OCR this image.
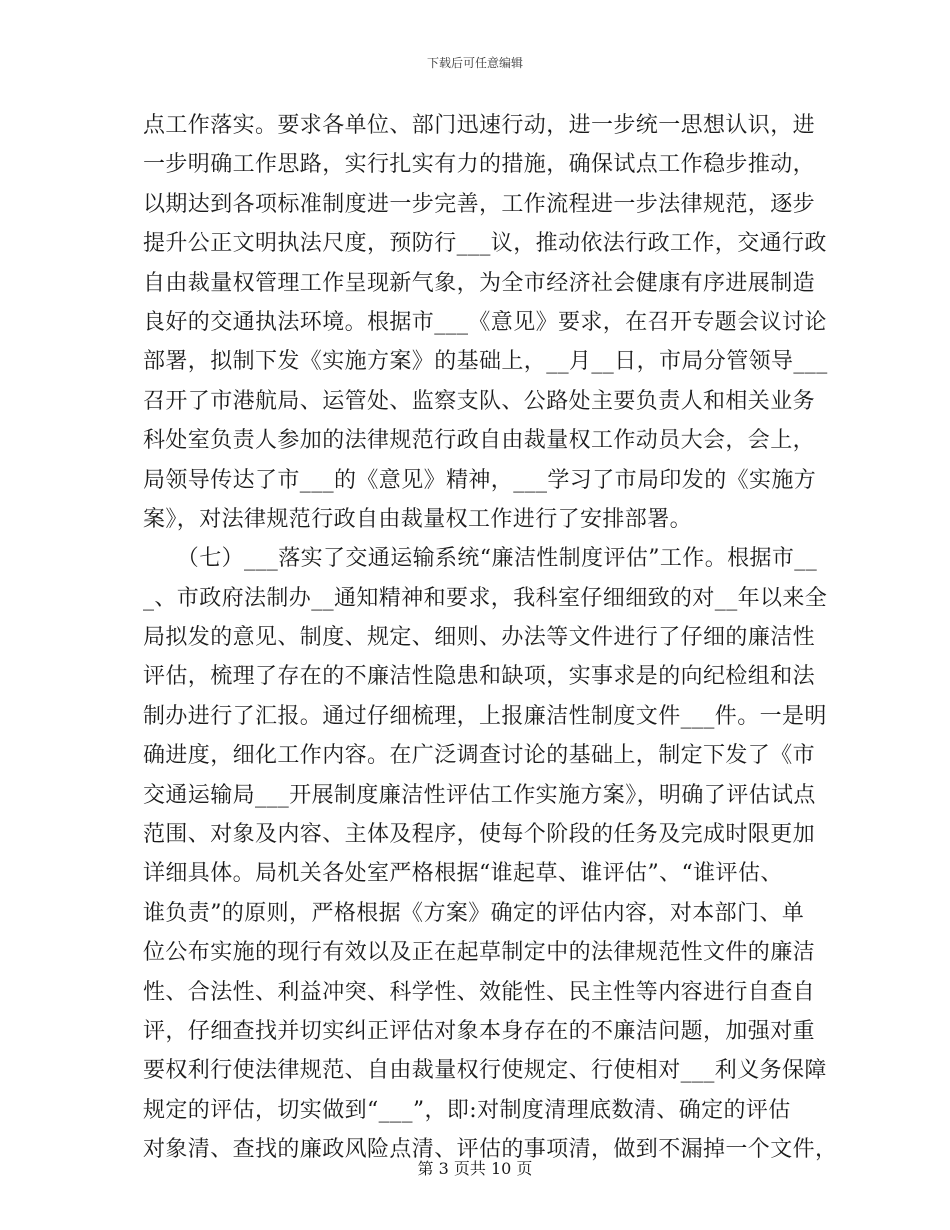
下载后可任意编辑
点工作落实。要求各单位、部门迅速行动，进一步统一思想认识，进
一步明确工作思路，实行扎实有力的措施，确保试点工作稳步推动，
以期达到各项标准制度进一步完善，工作流程进一步法律规范，逐步
提升公正文明执法尺度，预防行___议，推动依法行政工作，交通行政
自由裁量权管理工作呈现新气象，为全市经济社会健康有序进展制造
良好的交通执法环境。根据市___《意见》要求，在召开专题会议讨论
部署，拟制下发《实施方案》的基础上，__月__日，市局分管领导___
召开了市港航局、运管处、监察支队、公路处主要负责人和相关业务
科处室负责人参加的法律规范行政自由裁量权工作动员大会，会上，
局领导传达了市___的《意见》精神，___学习了市局印发的《实施方
案》，对法律规范行政自由裁量权工作进行了安排部署。
　　（七）___落实了交通运输系统“廉洁性制度评估”工作。根据市__
_、市政府法制办__通知精神和要求，我科室仔细细致的对__年以来全
局拟发的意见、制度、规定、细则、办法等文件进行了仔细的廉洁性
评估，梳理了存在的不廉洁性隐患和缺项，实事求是的向纪检组和法
制办进行了汇报。通过仔细梳理，上报廉洁性制度文件___件。一是明
确进度，细化工作内容。在广泛调查讨论的基础上，制定下发了《市
交通运输局___开展制度廉洁性评估工作实施方案》，明确了评估试点
范围、对象及内容、主体及程序，使每个阶段的任务及完成时限更加
详细具体。局机关各处室严格根据“谁起草、谁评估”、“谁评估、
谁负责”的原则，严格根据《方案》确定的评估内容，对本部门、单
位公布实施的现行有效以及正在起草制定中的法律规范性文件的廉洁
性、合法性、利益冲突、科学性、效能性、民主性等内容进行自查自
评，仔细查找并切实纠正评估对象本身存在的不廉洁问题，加强对重
要权利行使法律规范、自由裁量权行使规定、行使相对___利义务保障
规定的评估，切实做到“___”，即:对制度清理底数清、确定的评估
对象清、查找的廉政风险点清、评估的事项清，做到不漏掉一个文件，
第 3 页共 10 页
